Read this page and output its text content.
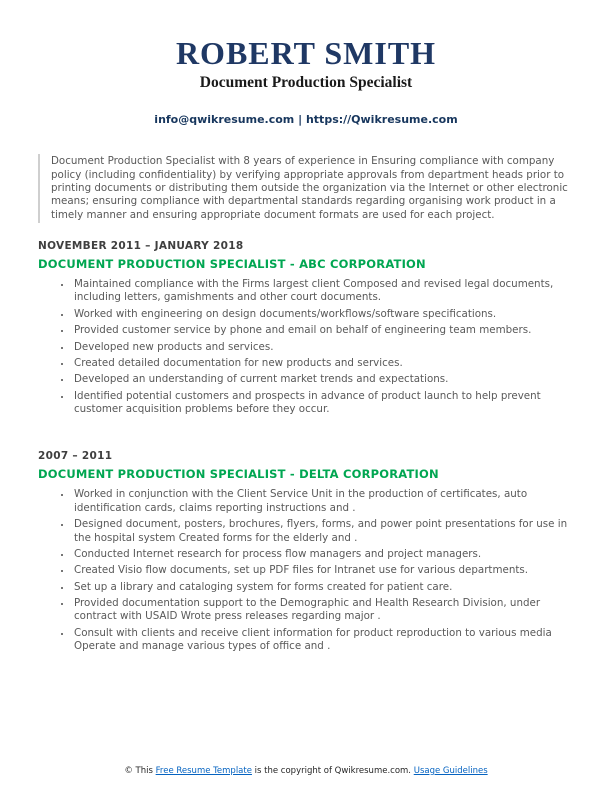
ROBERT SMITH
Document Production Specialist
info@qwikresume.com | https://Qwikresume.com

Document Production Specialist with 8 years of experience in Ensuring compliance with company policy (including confidentiality) by verifying appropriate approvals from department heads prior to printing documents or distributing them outside the organization via the Internet or other electronic means; ensuring compliance with departmental standards regarding organising work product in a timely manner and ensuring appropriate document formats are used for each project.

NOVEMBER 2011 – JANUARY 2018
DOCUMENT PRODUCTION SPECIALIST - ABC CORPORATION
• Maintained compliance with the Firms largest client Composed and revised legal documents, including letters, gamishments and other court documents.
• Worked with engineering on design documents/workflows/software specifications.
• Provided customer service by phone and email on behalf of engineering team members.
• Developed new products and services.
• Created detailed documentation for new products and services.
• Developed an understanding of current market trends and expectations.
• Identified potential customers and prospects in advance of product launch to help prevent customer acquisition problems before they occur.
2007 – 2011
DOCUMENT PRODUCTION SPECIALIST - DELTA CORPORATION
• Worked in conjunction with the Client Service Unit in the production of certificates, auto identification cards, claims reporting instructions and .
• Designed document, posters, brochures, flyers, forms, and power point presentations for use in the hospital system Created forms for the elderly and .
• Conducted Internet research for process flow managers and project managers.
• Created Visio flow documents, set up PDF files for Intranet use for various departments.
• Set up a library and cataloging system for forms created for patient care.
• Provided documentation support to the Demographic and Health Research Division, under contract with USAID Wrote press releases regarding major .
• Consult with clients and receive client information for product reproduction to various media Operate and manage various types of office and .
© This Free Resume Template is the copyright of Qwikresume.com. Usage Guidelines
